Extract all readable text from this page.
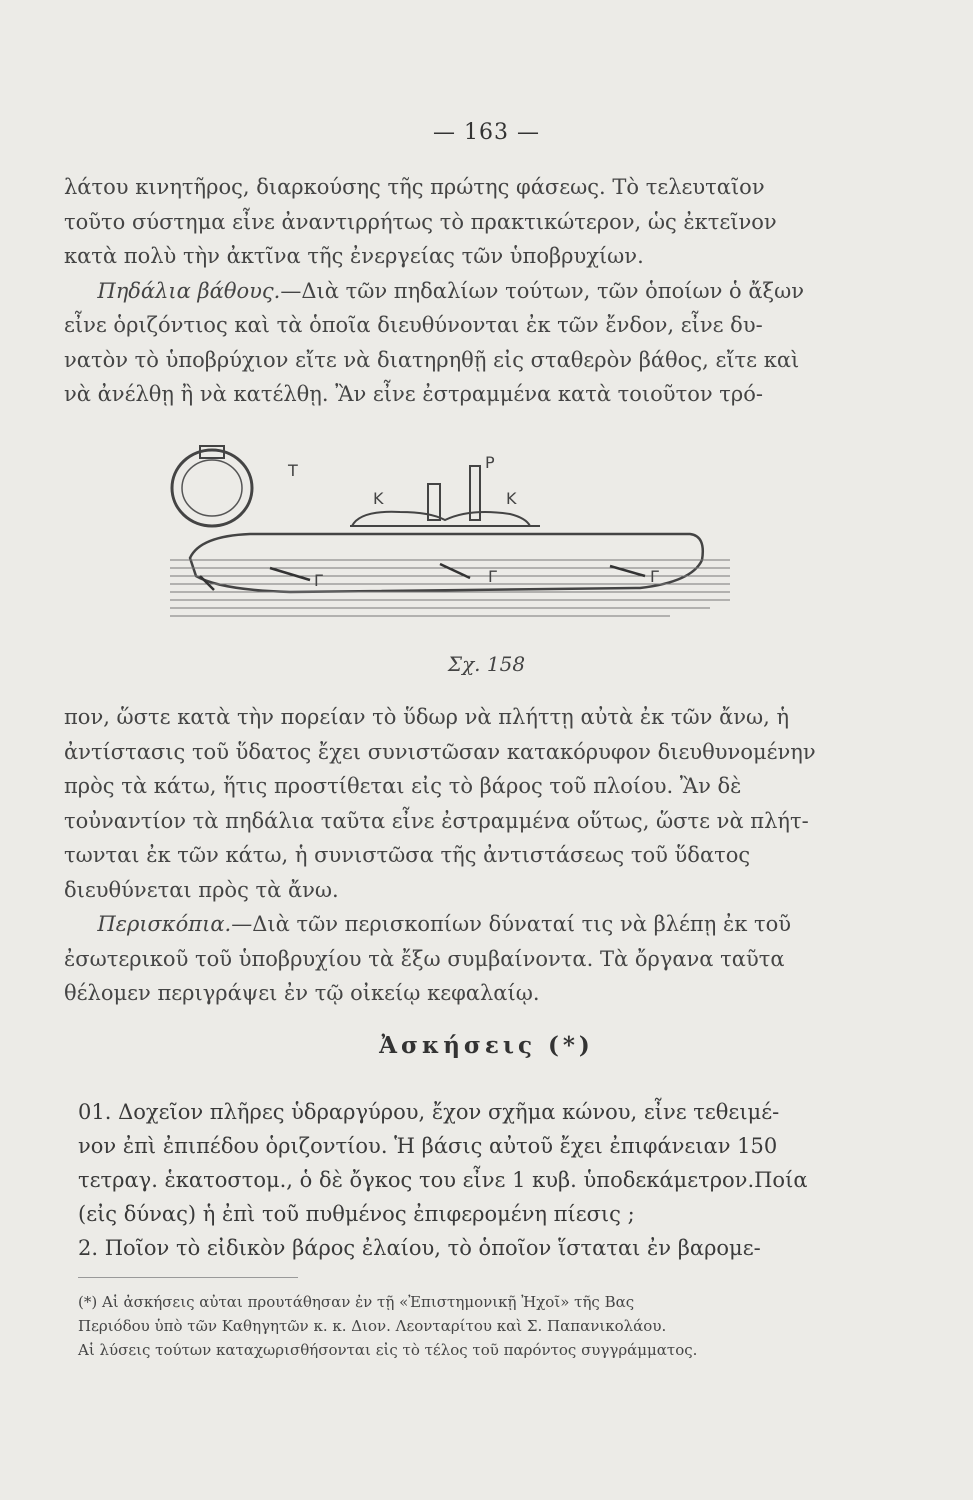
— 163 —
λάτου κινητῆρος, διαρκούσης τῆς πρώτης φάσεως. Τὸ τελευταῖον
τοῦτο σύστημα εἶνε ἀναντιρρήτως τὸ πρακτικώτερον, ὡς ἐκτεῖνον
κατὰ πολὺ τὴν ἀκτῖνα τῆς ἐνεργείας τῶν ὑποβρυχίων.
Πηδάλια βάθους.—Διὰ τῶν πηδαλίων τούτων, τῶν ὁποίων ὁ ἄξων
εἶνε ὁριζόντιος καὶ τὰ ὁποῖα διευθύνονται ἐκ τῶν ἔνδον, εἶνε δυ-
νατὸν τὸ ὑποβρύχιον εἴτε νὰ διατηρηθῇ εἰς σταθερὸν βάθος, εἴτε καὶ
νὰ ἀνέλθῃ ἢ νὰ κατέλθῃ. Ἂν εἶνε ἐστραμμένα κατὰ τοιοῦτον τρό-
T	P
K	K
Γ	Γ	Γ
Σχ. 158
πον, ὥστε κατὰ τὴν πορείαν τὸ ὕδωρ νὰ πλήττῃ αὐτὰ ἐκ τῶν ἄνω, ἡ
ἀντίστασις τοῦ ὕδατος ἔχει συνιστῶσαν κατακόρυφον διευθυνομένην
πρὸς τὰ κάτω, ἥτις προστίθεται εἰς τὸ βάρος τοῦ πλοίου. Ἂν δὲ
τοὐναντίον τὰ πηδάλια ταῦτα εἶνε ἐστραμμένα οὕτως, ὥστε νὰ πλήτ-
τωνται ἐκ τῶν κάτω, ἡ συνιστῶσα τῆς ἀντιστάσεως τοῦ ὕδατος
διευθύνεται πρὸς τὰ ἄνω.
Περισκόπια.—Διὰ τῶν περισκοπίων δύναταί τις νὰ βλέπῃ ἐκ τοῦ
ἐσωτερικοῦ τοῦ ὑποβρυχίου τὰ ἔξω συμβαίνοντα. Τὰ ὄργανα ταῦτα
θέλομεν περιγράψει ἐν τῷ οἰκείῳ κεφαλαίῳ.
Ἀσκήσεις (*)
01. Δοχεῖον πλῆρες ὑδραργύρου, ἔχον σχῆμα κώνου, εἶνε τεθειμέ-
νον ἐπὶ ἐπιπέδου ὁριζοντίου. Ἡ βάσις αὐτοῦ ἔχει ἐπιφάνειαν 150
τετραγ. ἑκατοστομ., ὁ δὲ ὄγκος του εἶνε 1 κυβ. ὑποδεκάμετρον.Ποία
(εἰς δύνας) ἡ ἐπὶ τοῦ πυθμένος ἐπιφερομένη πίεσις ;
2. Ποῖον τὸ εἰδικὸν βάρος ἐλαίου, τὸ ὁποῖον ἵσταται ἐν βαρομε-
(*) Αἱ ἀσκήσεις αὐται προυτάθησαν ἐν τῇ «Ἐπιστημονικῇ Ἠχοῖ» τῆς Βας
Περιόδου ὑπὸ τῶν Καθηγητῶν κ. κ. Διον. Λεονταρίτου καὶ Σ. Παπανικολάου.
Αἱ λύσεις τούτων καταχωρισθήσονται εἰς τὸ τέλος τοῦ παρόντος συγγράμματος.
